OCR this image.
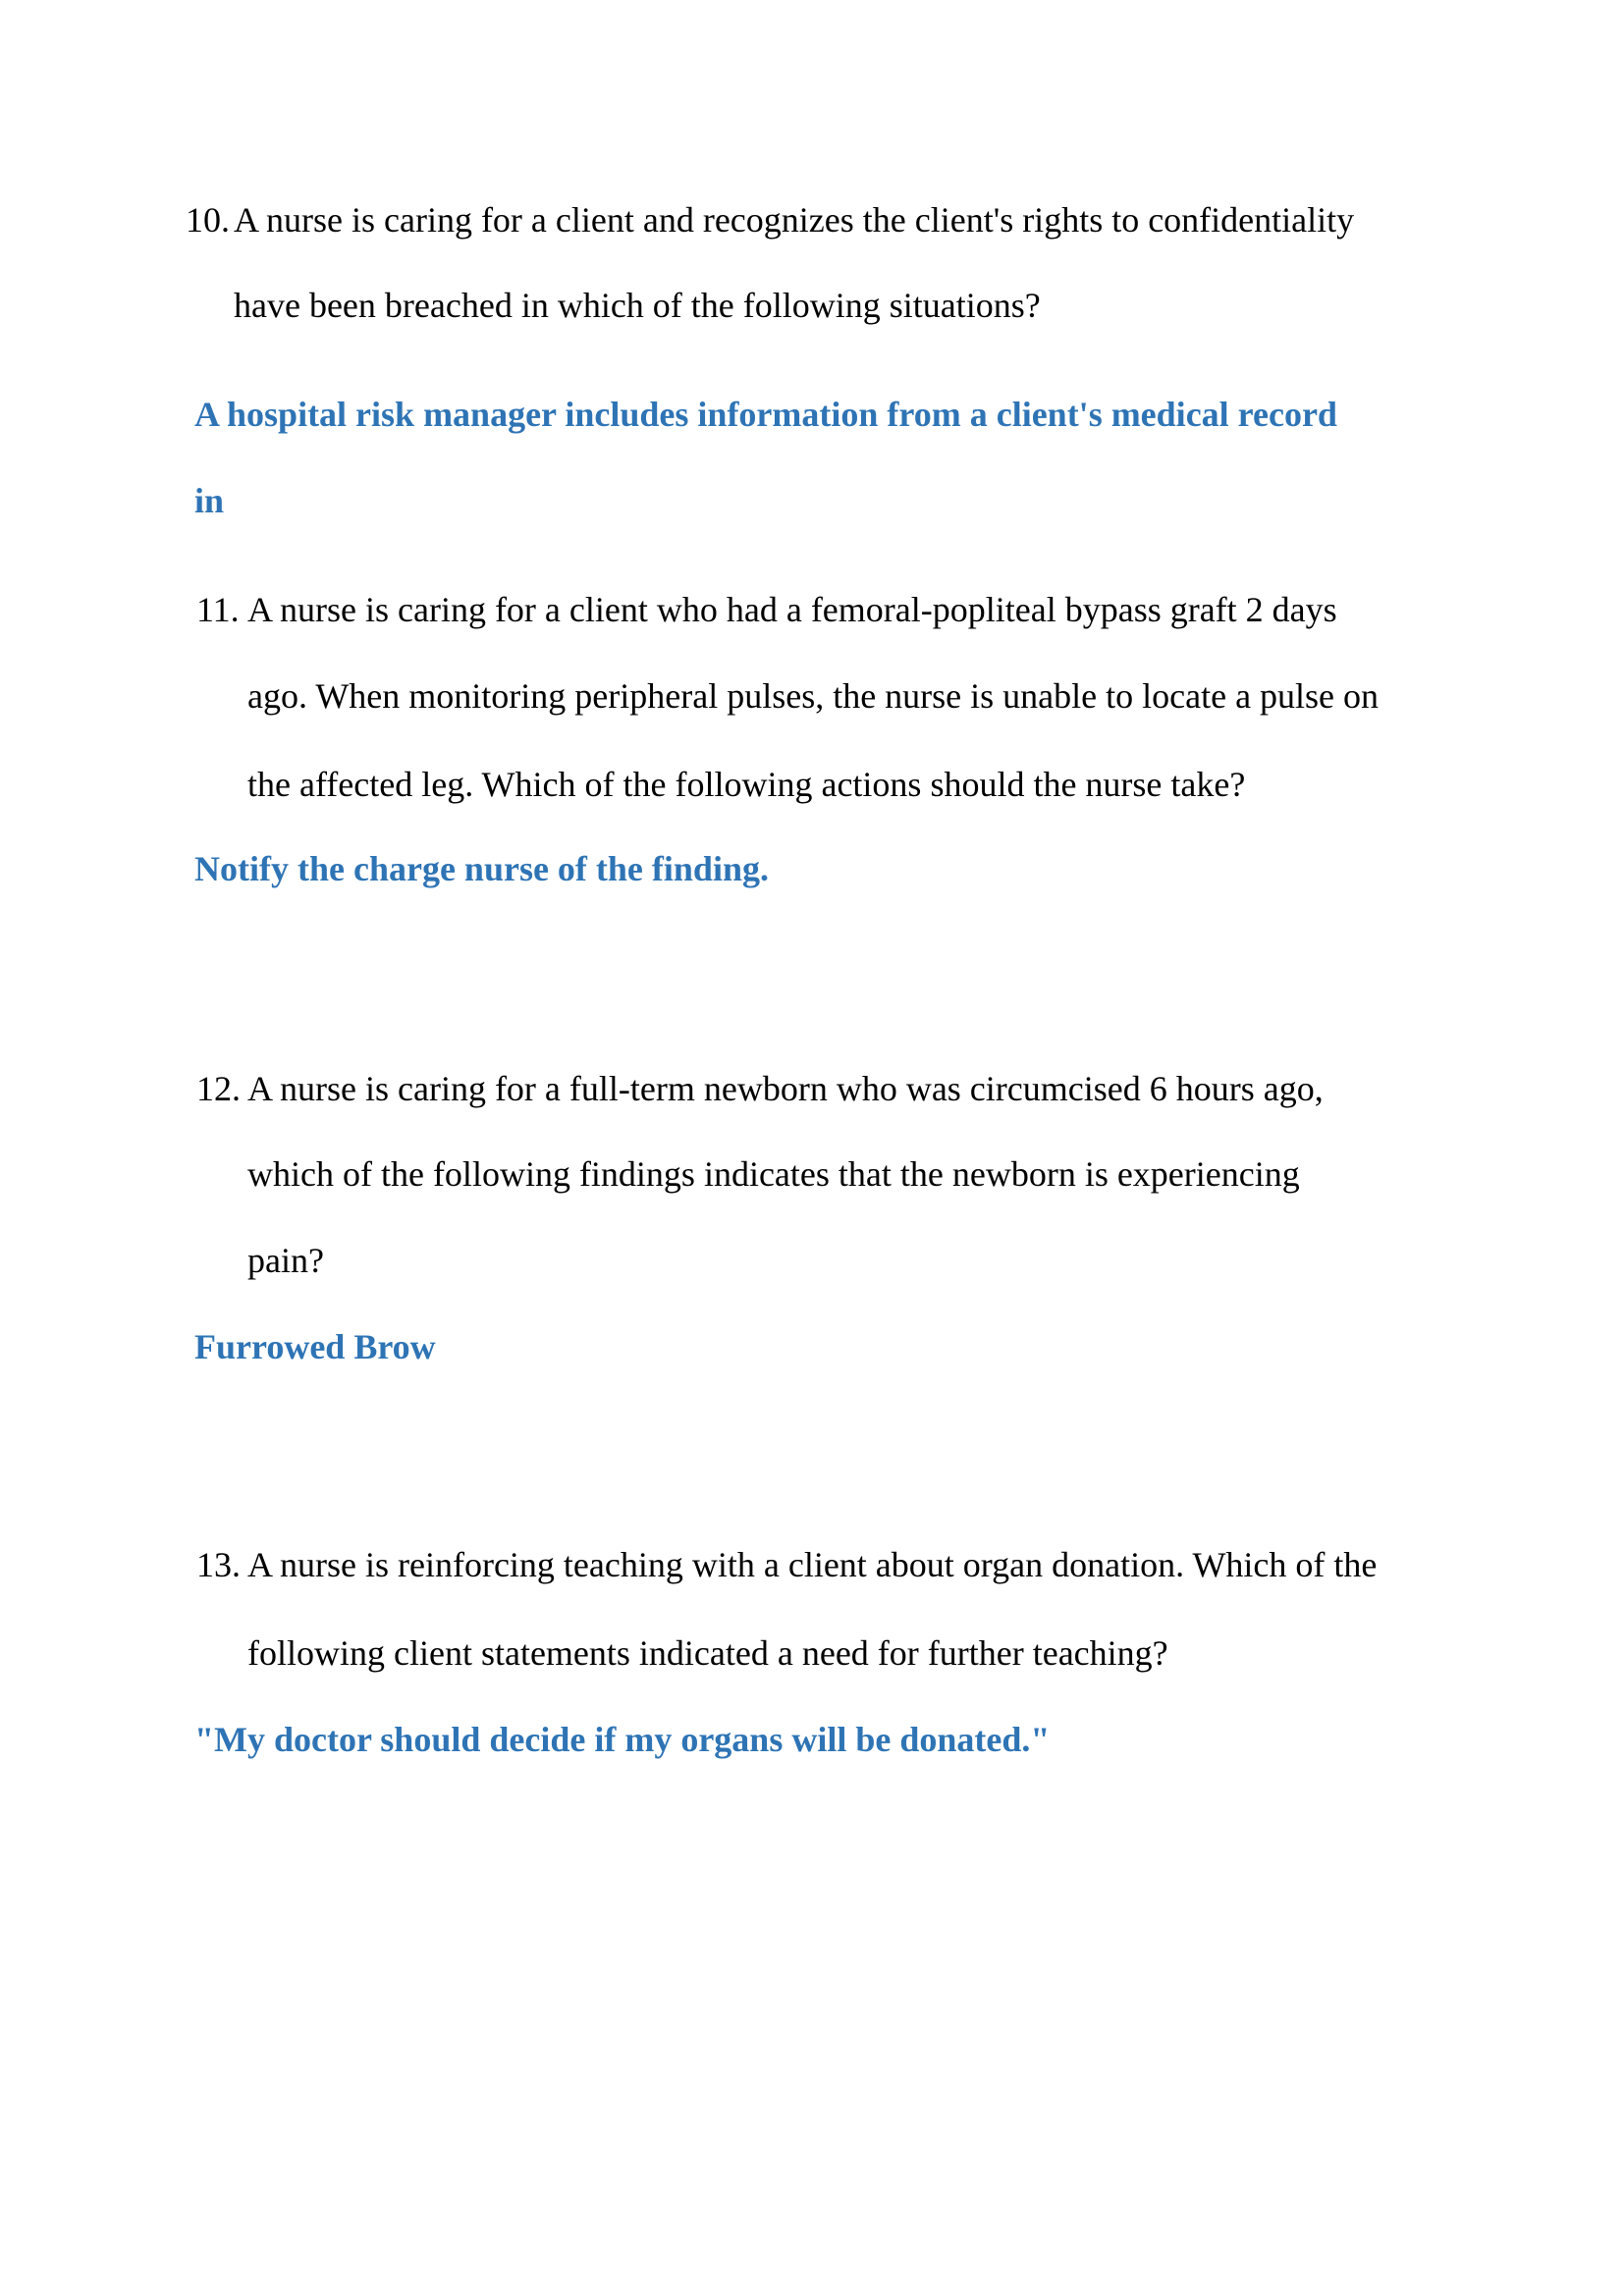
10. A nurse is caring for a client and recognizes the client's rights to confidentiality
have been breached in which of the following situations?
A hospital risk manager includes information from a client's medical record
in
11. A nurse is caring for a client who had a femoral-popliteal bypass graft 2 days
ago. When monitoring peripheral pulses, the nurse is unable to locate a pulse on
the affected leg. Which of the following actions should the nurse take?
Notify the charge nurse of the finding.
12. A nurse is caring for a full-term newborn who was circumcised 6 hours ago,
which of the following findings indicates that the newborn is experiencing
pain?
Furrowed Brow
13. A nurse is reinforcing teaching with a client about organ donation. Which of the
following client statements indicated a need for further teaching?
"My doctor should decide if my organs will be donated."
